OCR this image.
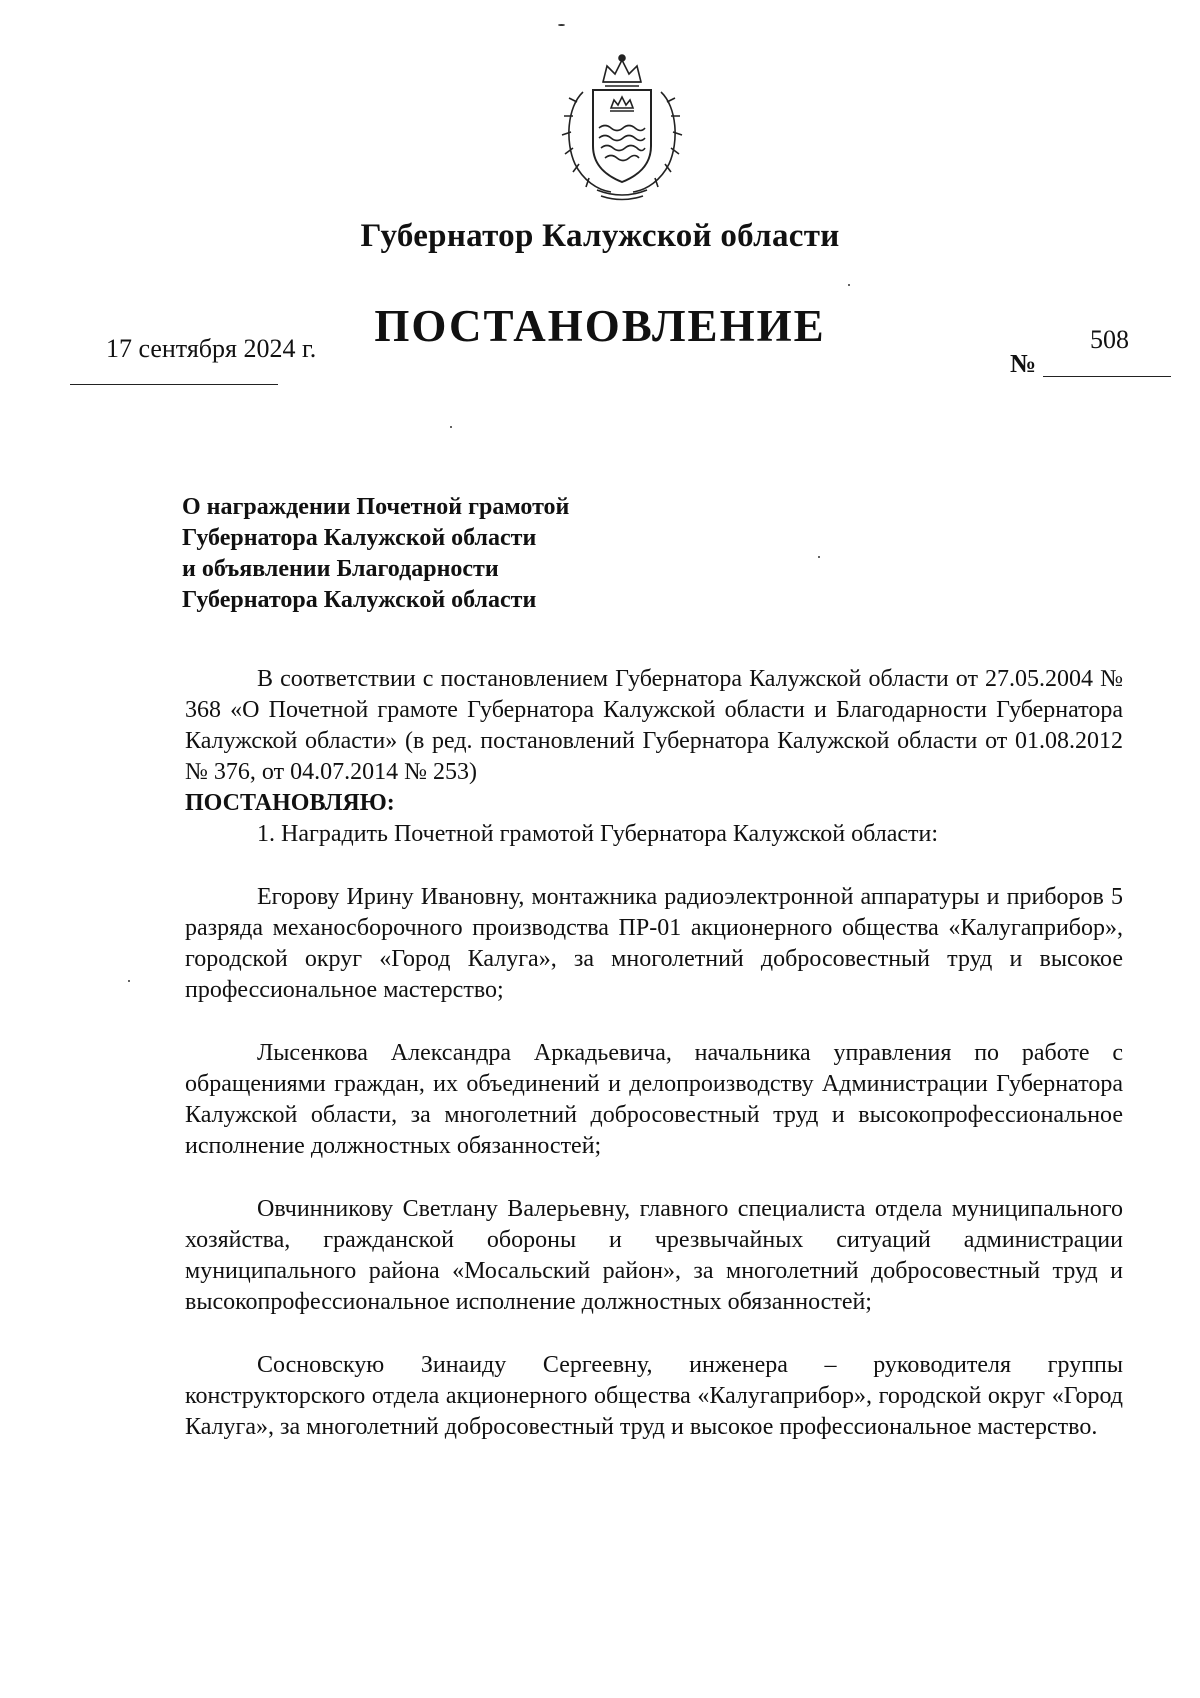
Губернатор Калужской области
ПОСТАНОВЛЕНИЕ
17 сентября 2024 г.
№
508
О награждении Почетной грамотой
Губернатора Калужской области
и объявлении Благодарности
Губернатора Калужской области

В соответствии с постановлением Губернатора Калужской области от 27.05.2004 № 368 «О Почетной грамоте Губернатора Калужской области и Благодарности Губернатора Калужской области» (в ред. постановлений Губернатора Калужской области от 01.08.2012 № 376, от 04.07.2014 № 253)

ПОСТАНОВЛЯЮ:

1. Наградить Почетной грамотой Губернатора Калужской области:

Егорову Ирину Ивановну, монтажника радиоэлектронной аппаратуры и приборов 5 разряда механосборочного производства ПР-01 акционерного общества «Калугаприбор», городской округ «Город Калуга», за многолетний добросовестный труд и высокое профессиональное мастерство;

Лысенкова Александра Аркадьевича, начальника управления по работе с обращениями граждан, их объединений и делопроизводству Администрации Губернатора Калужской области, за многолетний добросовестный труд и высокопрофессиональное исполнение должностных обязанностей;

Овчинникову Светлану Валерьевну, главного специалиста отдела муниципального хозяйства, гражданской обороны и чрезвычайных ситуаций администрации муниципального района «Мосальский район», за многолетний добросовестный труд и высокопрофессиональное исполнение должностных обязанностей;

Сосновскую Зинаиду Сергеевну, инженера – руководителя группы конструкторского отдела акционерного общества «Калугаприбор», городской округ «Город Калуга», за многолетний добросовестный труд и высокое профессиональное мастерство.
